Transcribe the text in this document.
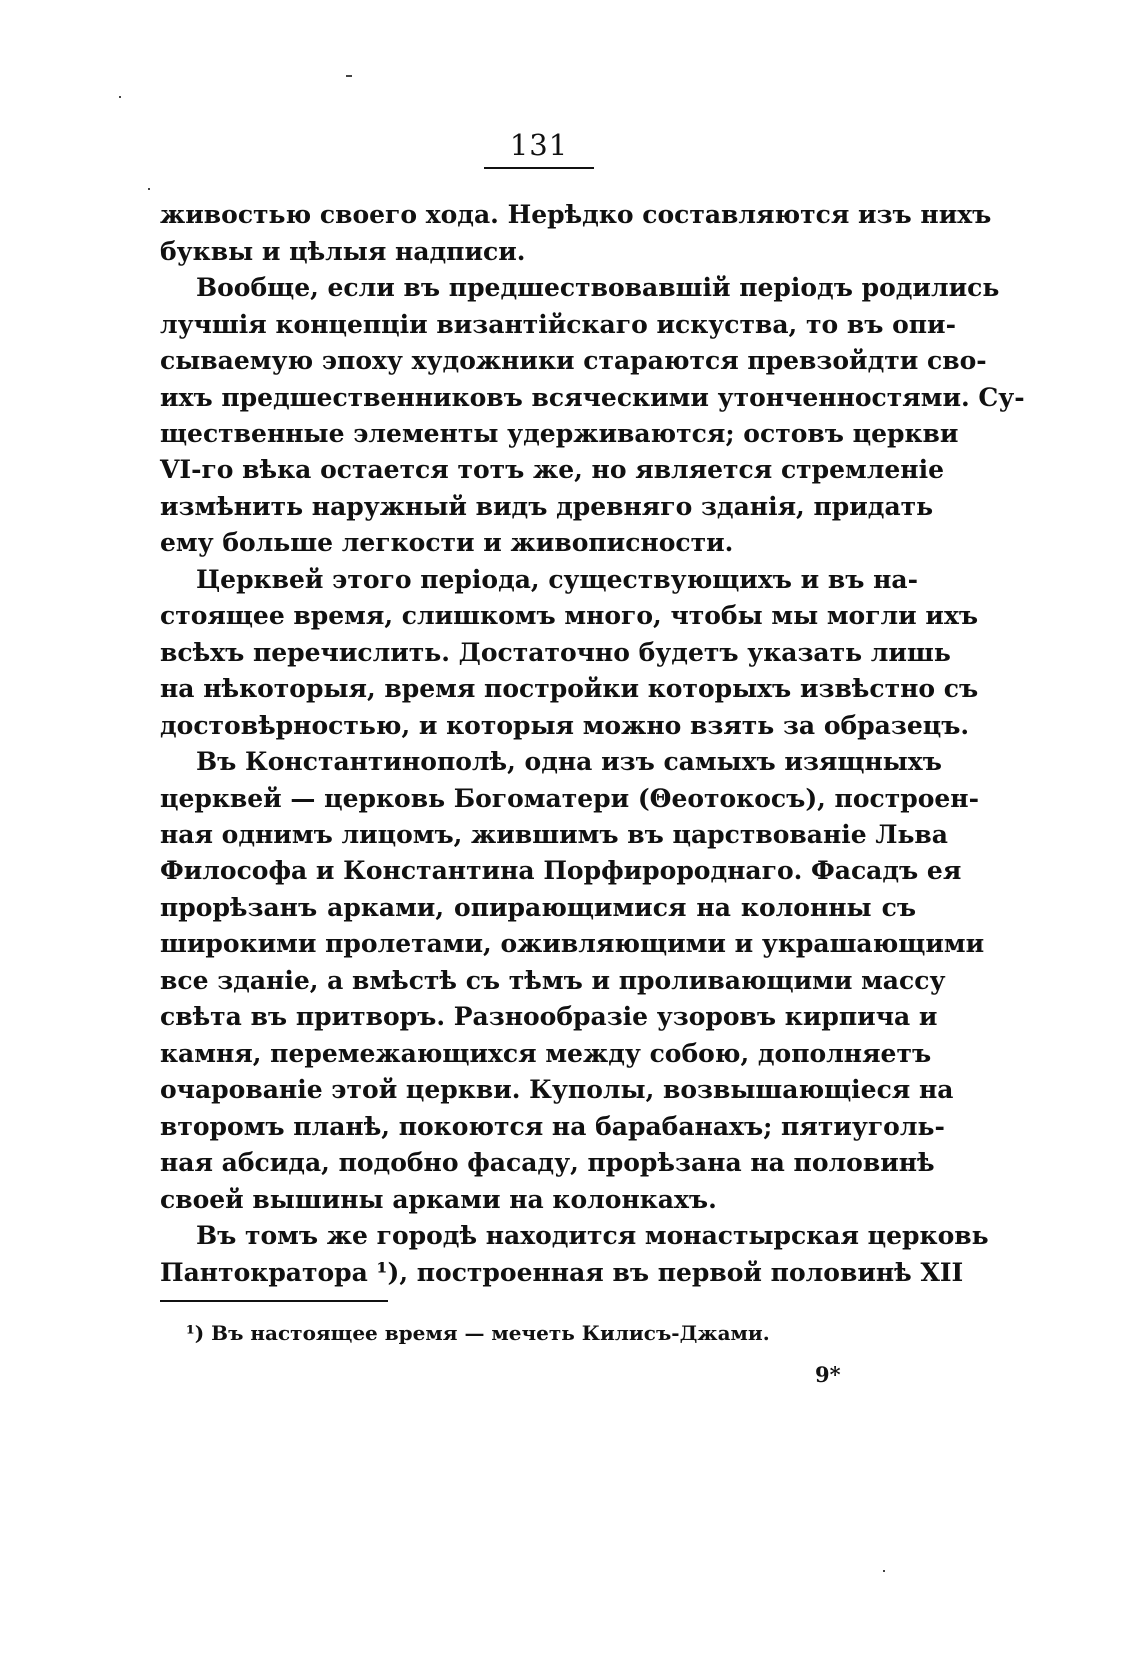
131
живостью своего хода. Нерѣдко составляются изъ нихъ
буквы и цѣлыя надписи.
Вообще, если въ предшествовавшій періодъ родились
лучшія концепціи византійскаго искуства, то въ опи-
сываемую эпоху художники стараются превзойдти сво-
ихъ предшественниковъ всяческими утонченностями. Су-
щественные элементы удерживаются; остовъ церкви
VI-го вѣка остается тотъ же, но является стремленіе
измѣнить наружный видъ древняго зданія, придать
ему больше легкости и живописности.
Церквей этого періода, существующихъ и въ на-
стоящее время, слишкомъ много, чтобы мы могли ихъ
всѣхъ перечислить. Достаточно будетъ указать лишь
на нѣкоторыя, время постройки которыхъ извѣстно съ
достовѣрностью, и которыя можно взять за образецъ.
Въ Константинополѣ, одна изъ самыхъ изящныхъ
церквей — церковь Богоматери (Θеотокосъ), построен-
ная однимъ лицомъ, жившимъ въ царствованіе Льва
Философа и Константина Порфиророднаго. Фасадъ ея
прорѣзанъ арками, опирающимися на колонны съ
широкими пролетами, оживляющими и украшающими
все зданіе, а вмѣстѣ съ тѣмъ и проливающими массу
свѣта въ притворъ. Разнообразіе узоровъ кирпича и
камня, перемежающихся между собою, дополняетъ
очарованіе этой церкви. Куполы, возвышающіеся на
второмъ планѣ, покоются на барабанахъ; пятиуголь-
ная абсида, подобно фасаду, прорѣзана на половинѣ
своей вышины арками на колонкахъ.
Въ томъ же городѣ находится монастырская церковь
Пантократора ¹), построенная въ первой половинѣ XII
¹) Въ настоящее время — мечеть Килисъ-Джами.
9*
